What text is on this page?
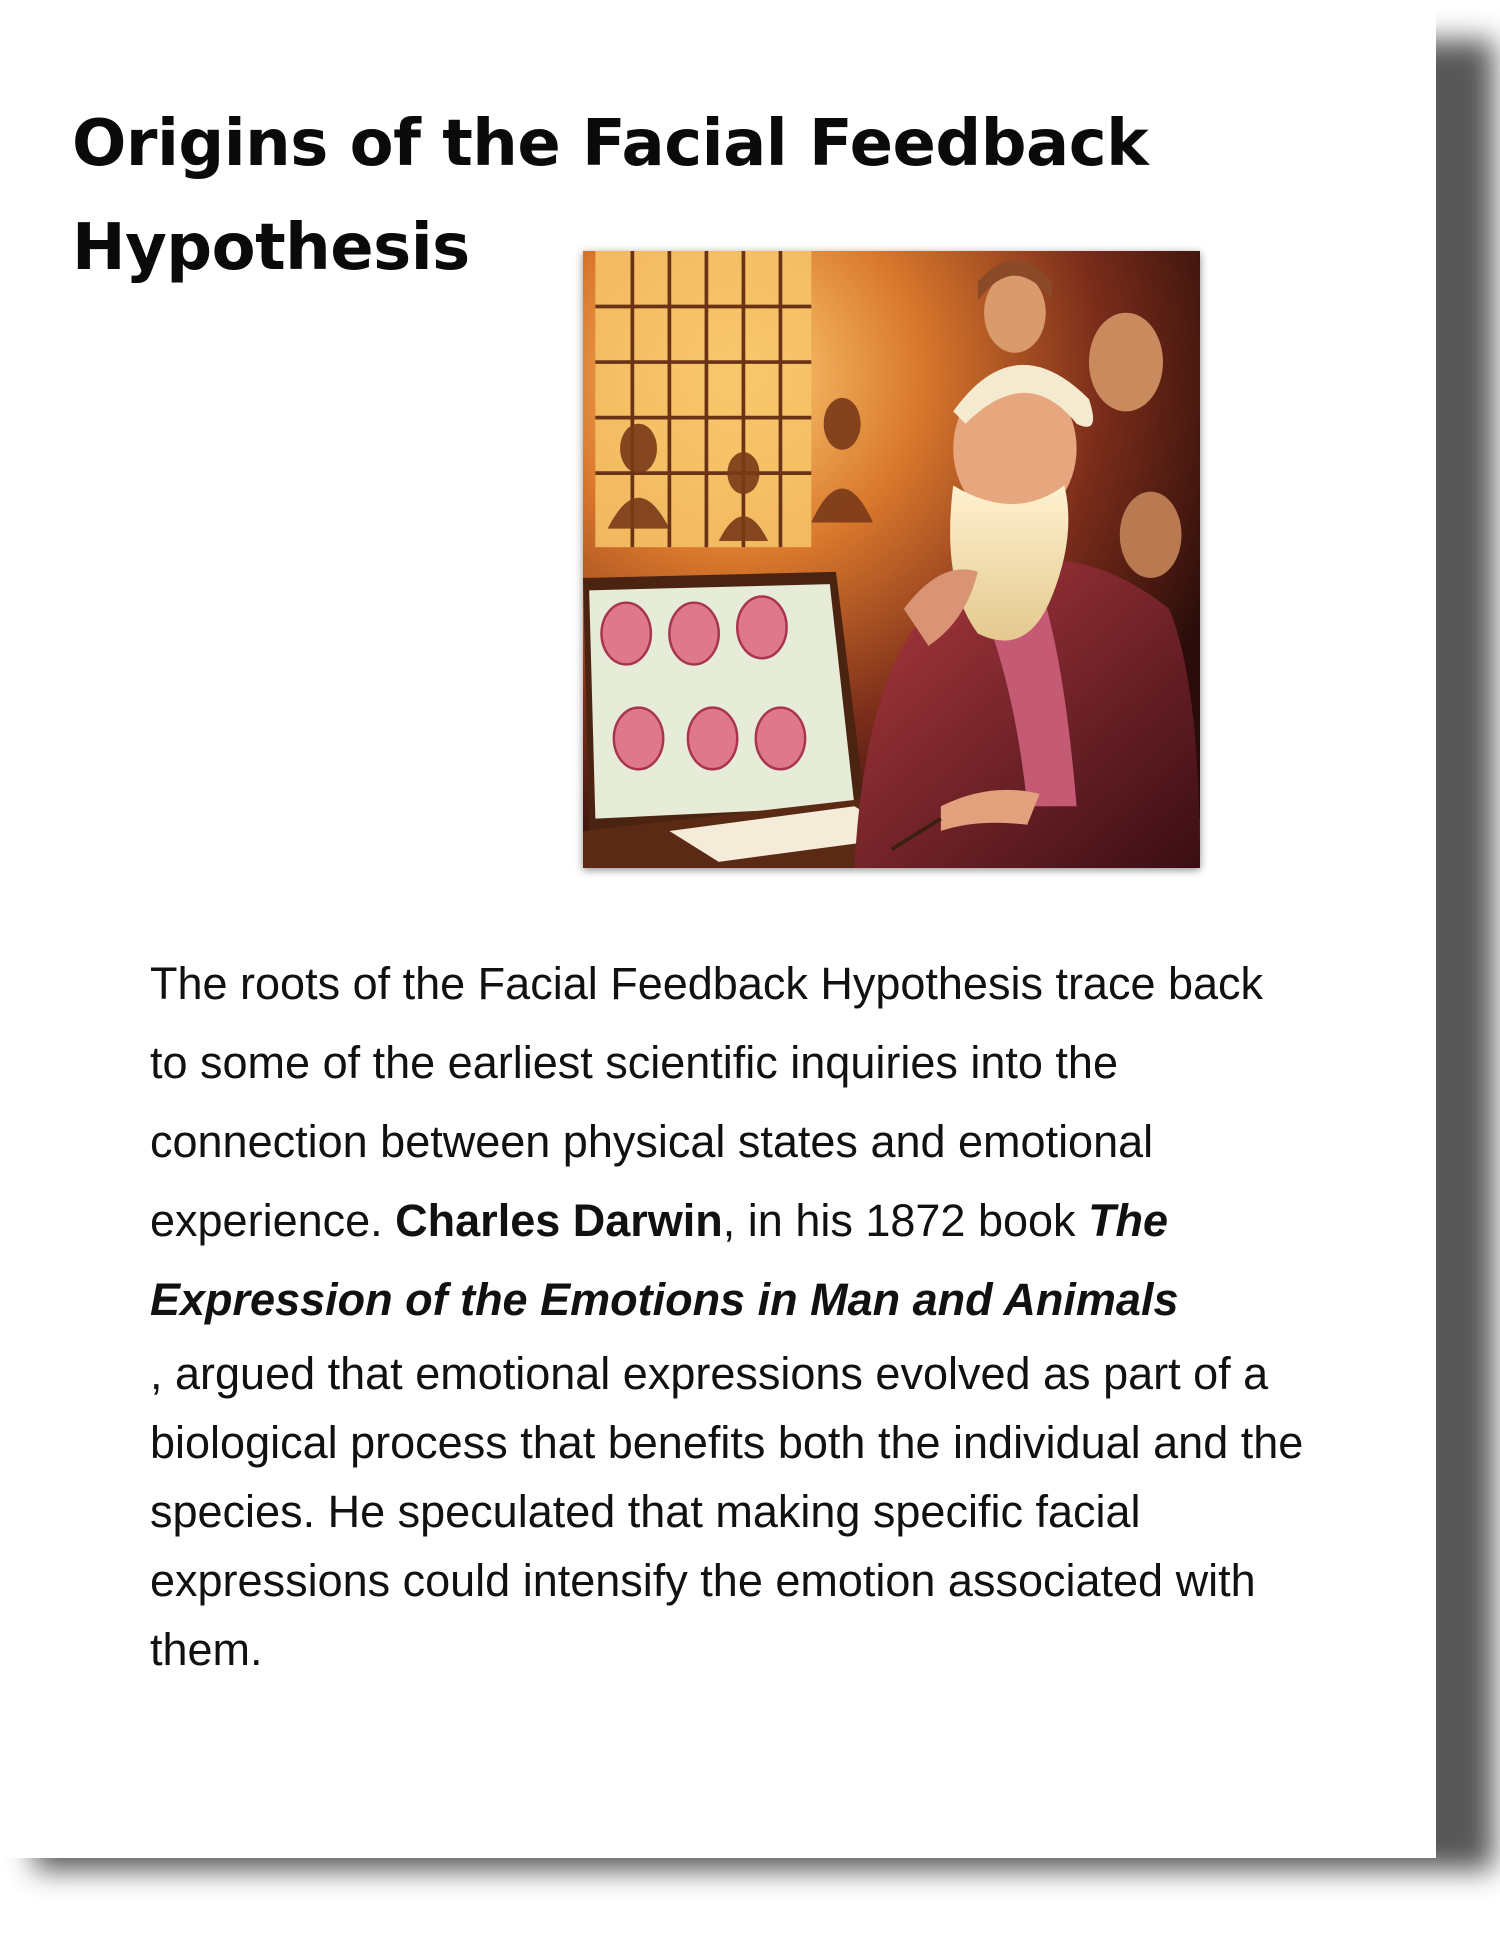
Origins of the Facial Feedback Hypothesis
The roots of the Facial Feedback Hypothesis trace back to some of the earliest scientific inquiries into the connection between physical states and emotional experience. Charles Darwin, in his 1872 book The Expression of the Emotions in Man and Animals
, argued that emotional expressions evolved as part of a biological process that benefits both the individual and the species. He speculated that making specific facial expressions could intensify the emotion associated with them.
